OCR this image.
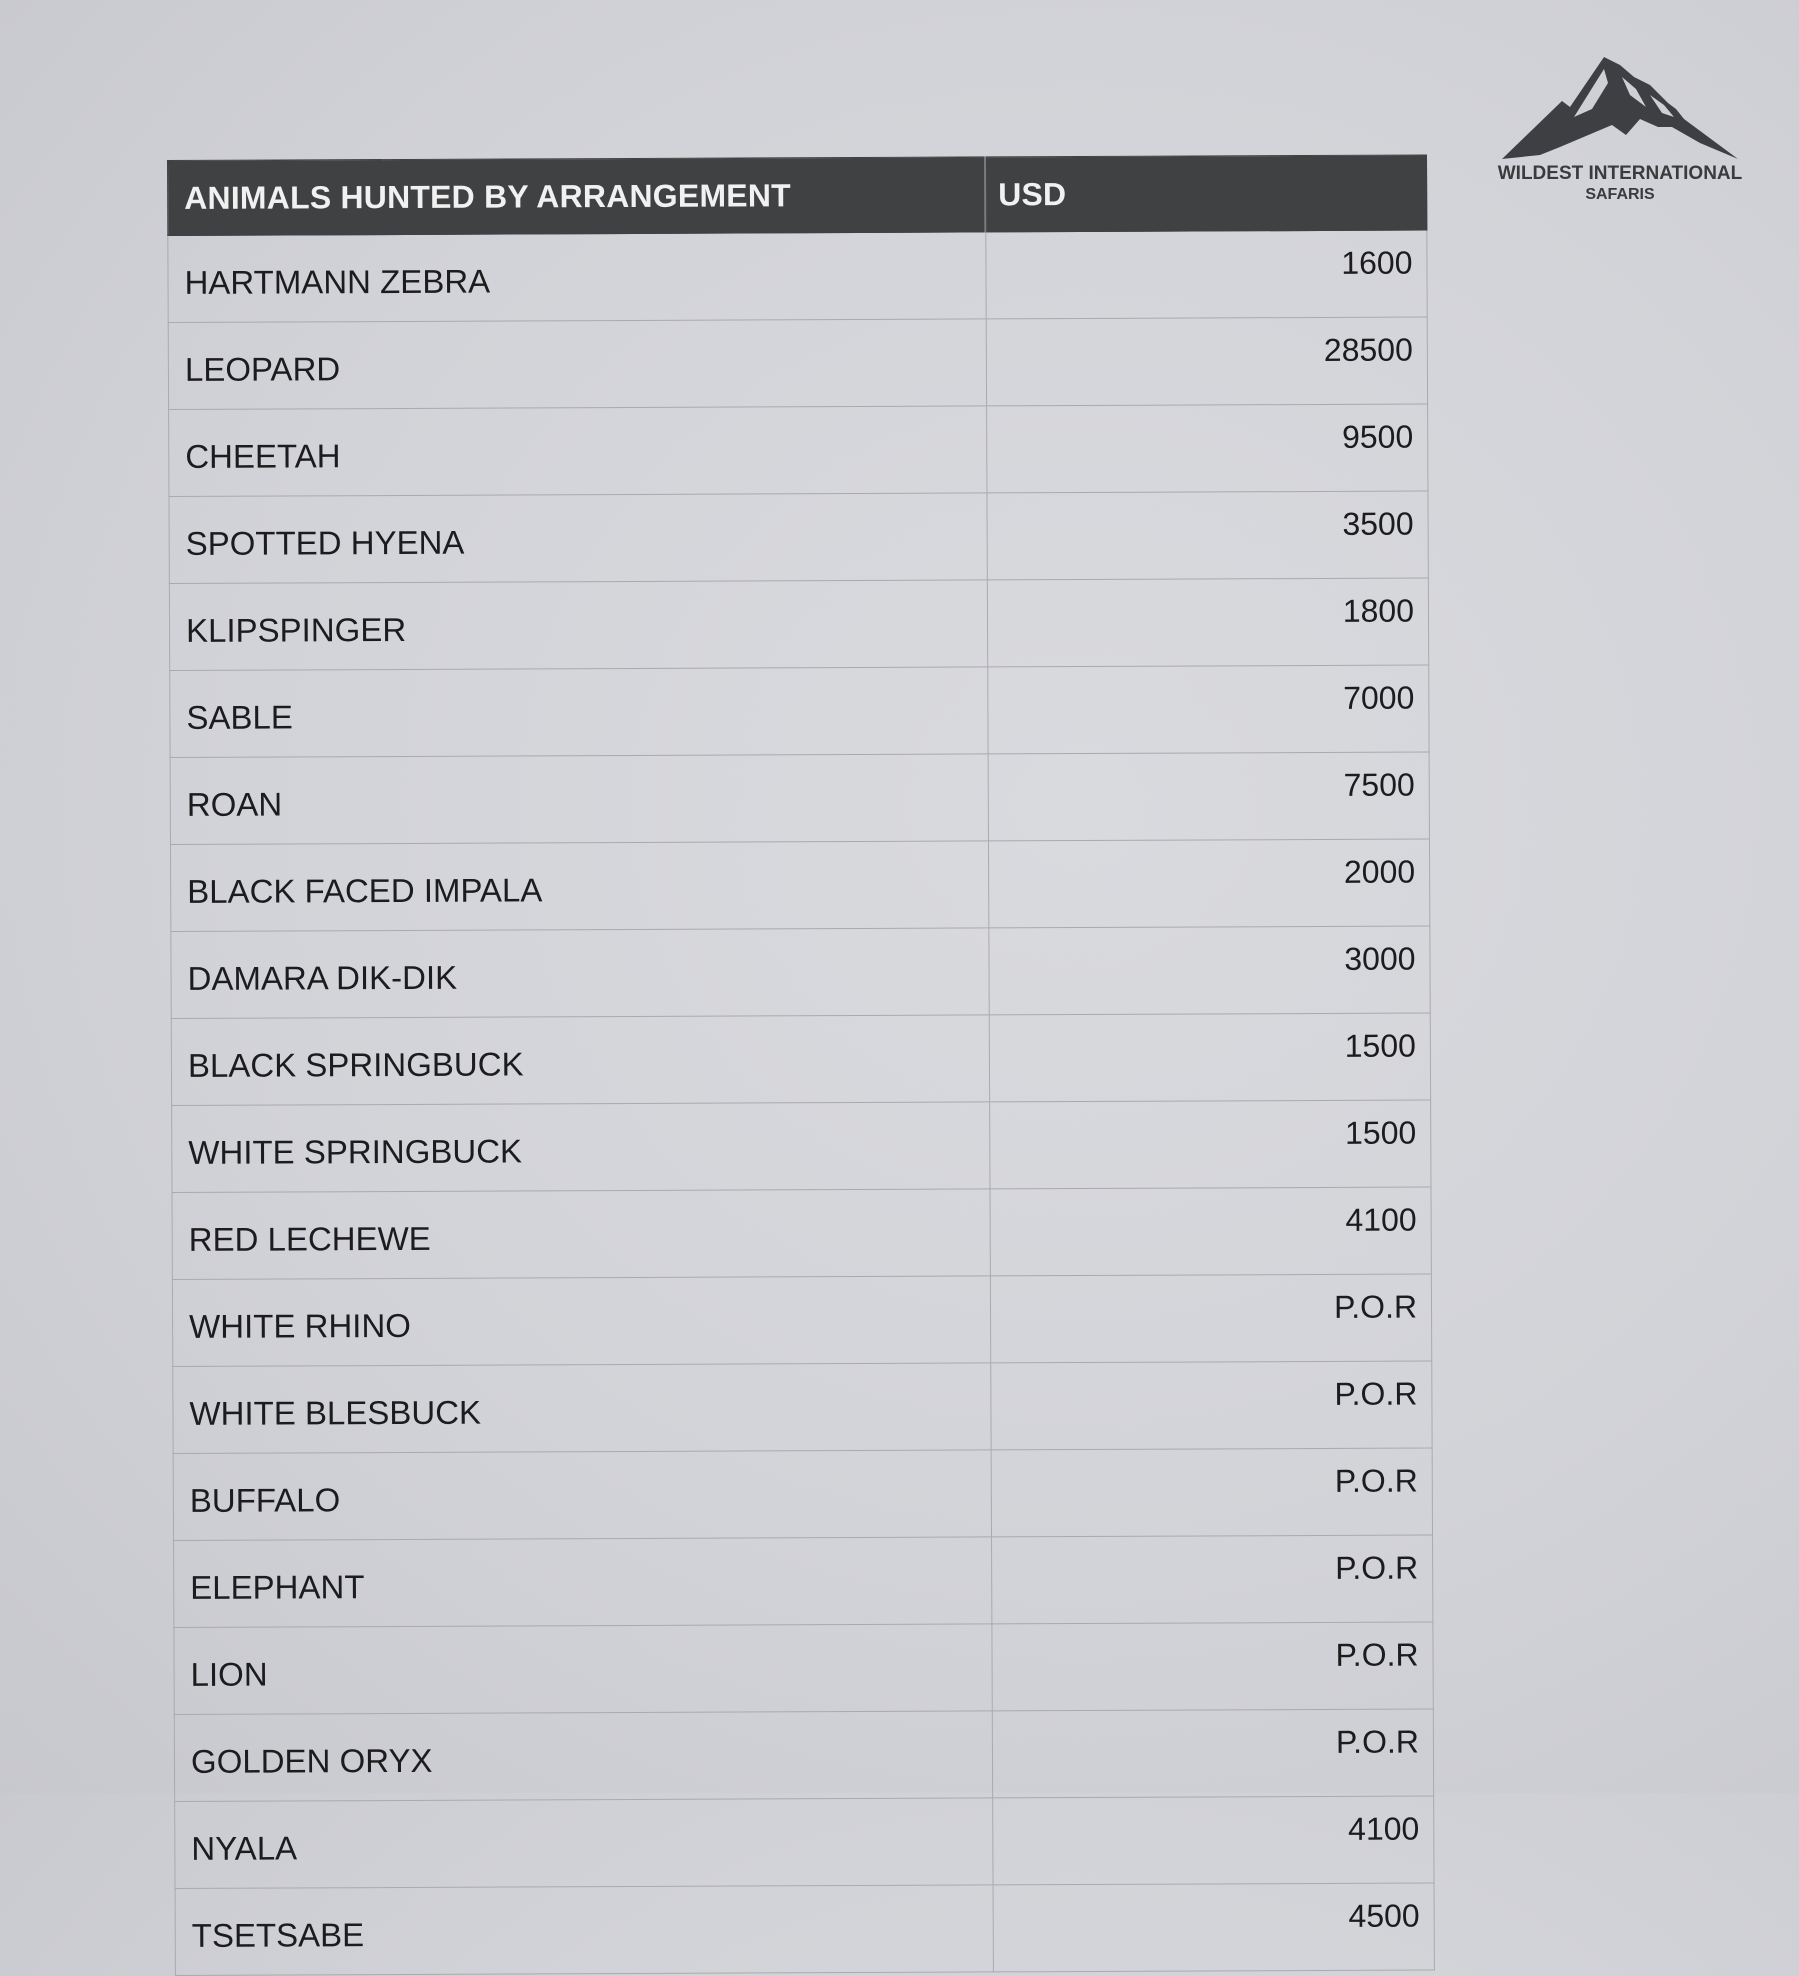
ANIMALS HUNTED BY ARRANGEMENT	USD
HARTMANN ZEBRA	1600
LEOPARD	28500
CHEETAH	9500
SPOTTED HYENA	3500
KLIPSPINGER	1800
SABLE	7000
ROAN	7500
BLACK FACED IMPALA	2000
DAMARA DIK-DIK	3000
BLACK SPRINGBUCK	1500
WHITE SPRINGBUCK	1500
RED LECHEWE	4100
WHITE RHINO	P.O.R
WHITE BLESBUCK	P.O.R
BUFFALO	P.O.R
ELEPHANT	P.O.R
LION	P.O.R
GOLDEN ORYX	P.O.R
NYALA	4100
TSETSABE	4500
WILDEST INTERNATIONAL
SAFARIS
